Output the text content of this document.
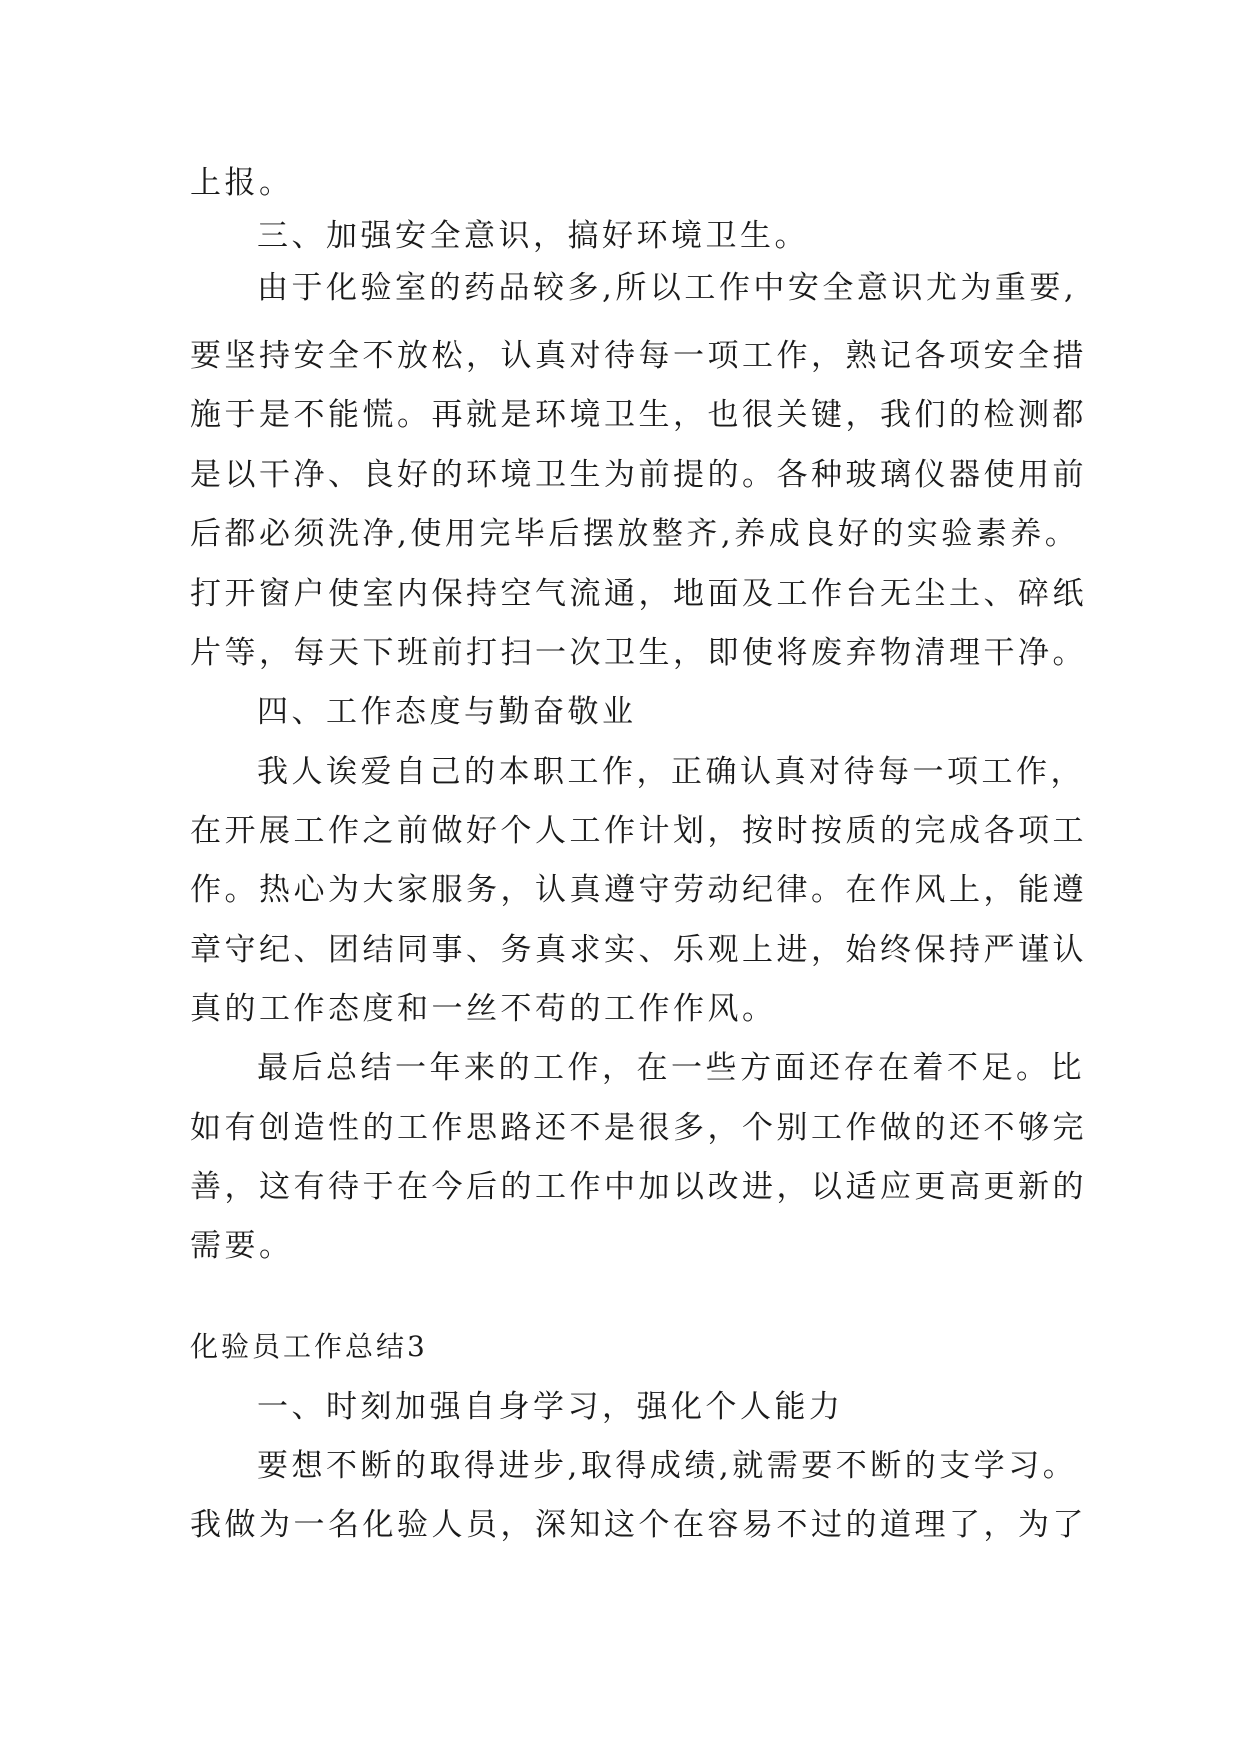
上报。
三、加强安全意识，搞好环境卫生。
由于化验室的药品较多,所以工作中安全意识尤为重要,
要坚持安全不放松，认真对待每一项工作，熟记各项安全措
施于是不能慌。再就是环境卫生，也很关键，我们的检测都
是以干净、良好的环境卫生为前提的。各种玻璃仪器使用前
后都必须洗净,使用完毕后摆放整齐,养成良好的实验素养。
打开窗户使室内保持空气流通，地面及工作台无尘土、碎纸
片等，每天下班前打扫一次卫生，即使将废弃物清理干净。
四、工作态度与勤奋敬业
我人诶爱自己的本职工作，正确认真对待每一项工作，
在开展工作之前做好个人工作计划，按时按质的完成各项工
作。热心为大家服务，认真遵守劳动纪律。在作风上，能遵
章守纪、团结同事、务真求实、乐观上进，始终保持严谨认
真的工作态度和一丝不苟的工作作风。
最后总结一年来的工作，在一些方面还存在着不足。比
如有创造性的工作思路还不是很多，个别工作做的还不够完
善，这有待于在今后的工作中加以改进，以适应更高更新的
需要。
化验员工作总结3
一、时刻加强自身学习，强化个人能力
要想不断的取得进步,取得成绩,就需要不断的支学习。
我做为一名化验人员，深知这个在容易不过的道理了，为了
